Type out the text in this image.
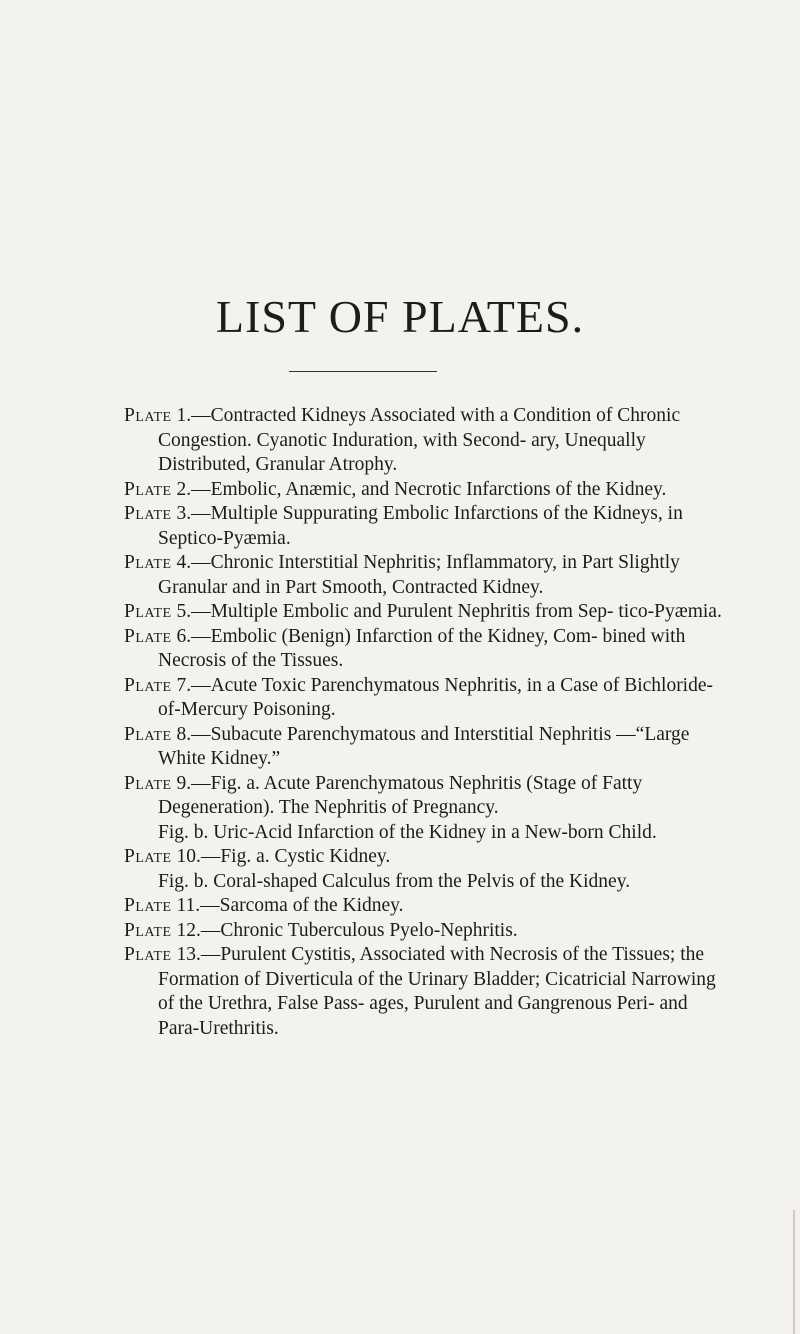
LIST OF PLATES.
Plate 1.—Contracted Kidneys Associated with a Condition of Chronic Congestion. Cyanotic Induration, with Second- ary, Unequally Distributed, Granular Atrophy.
Plate 2.—Embolic, Anæmic, and Necrotic Infarctions of the Kidney.
Plate 3.—Multiple Suppurating Embolic Infarctions of the Kidneys, in Septico-Pyæmia.
Plate 4.—Chronic Interstitial Nephritis; Inflammatory, in Part Slightly Granular and in Part Smooth, Contracted Kidney.
Plate 5.—Multiple Embolic and Purulent Nephritis from Sep- tico-Pyæmia.
Plate 6.—Embolic (Benign) Infarction of the Kidney, Com- bined with Necrosis of the Tissues.
Plate 7.—Acute Toxic Parenchymatous Nephritis, in a Case of Bichloride-of-Mercury Poisoning.
Plate 8.—Subacute Parenchymatous and Interstitial Nephritis —“Large White Kidney.”
Plate 9.—Fig. a. Acute Parenchymatous Nephritis (Stage of Fatty Degeneration). The Nephritis of Pregnancy.
Fig. b. Uric-Acid Infarction of the Kidney in a New-born Child.
Plate 10.—Fig. a. Cystic Kidney.
Fig. b. Coral-shaped Calculus from the Pelvis of the Kidney.
Plate 11.—Sarcoma of the Kidney.
Plate 12.—Chronic Tuberculous Pyelo-Nephritis.
Plate 13.—Purulent Cystitis, Associated with Necrosis of the Tissues; the Formation of Diverticula of the Urinary Bladder; Cicatricial Narrowing of the Urethra, False Pass- ages, Purulent and Gangrenous Peri- and Para-Urethritis.
